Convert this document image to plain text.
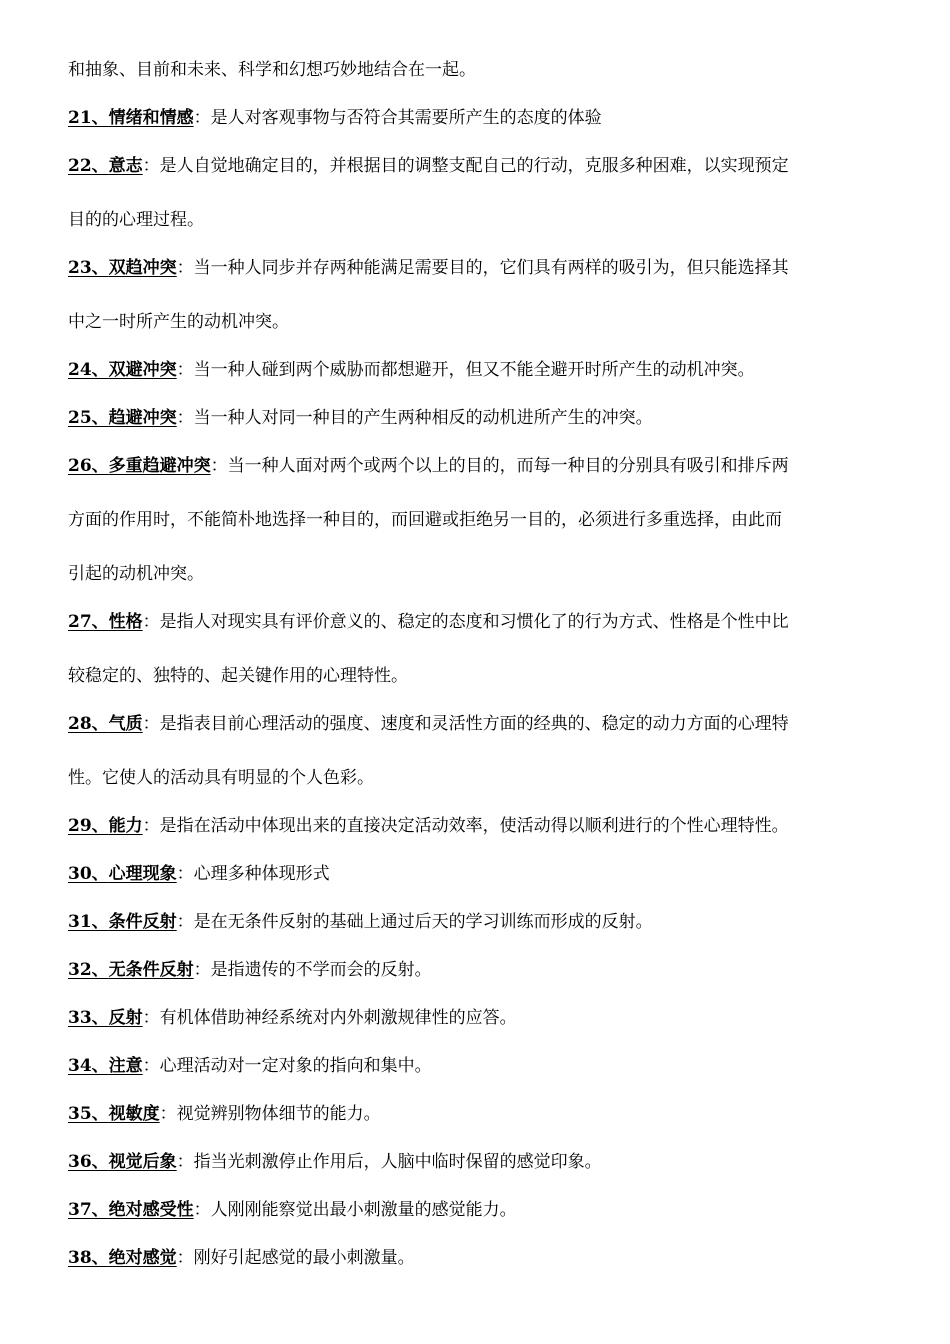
和抽象、目前和未来、科学和幻想巧妙地结合在一起。

21、情绪和情感：是人对客观事物与否符合其需要所产生的态度的体验

22、意志：是人自觉地确定目的，并根据目的调整支配自己的行动，克服多种困难，以实现预定

目的的心理过程。

23、双趋冲突：当一种人同步并存两种能满足需要目的，它们具有两样的吸引为，但只能选择其

中之一时所产生的动机冲突。

24、双避冲突：当一种人碰到两个威胁而都想避开，但又不能全避开时所产生的动机冲突。

25、趋避冲突：当一种人对同一种目的产生两种相反的动机进所产生的冲突。

26、多重趋避冲突：当一种人面对两个或两个以上的目的，而每一种目的分别具有吸引和排斥两

方面的作用时，不能简朴地选择一种目的，而回避或拒绝另一目的，必须进行多重选择，由此而

引起的动机冲突。

27、性格：是指人对现实具有评价意义的、稳定的态度和习惯化了的行为方式、性格是个性中比

较稳定的、独特的、起关键作用的心理特性。

28、气质：是指表目前心理活动的强度、速度和灵活性方面的经典的、稳定的动力方面的心理特

性。它使人的活动具有明显的个人色彩。

29、能力：是指在活动中体现出来的直接决定活动效率，使活动得以顺利进行的个性心理特性。

30、心理现象：心理多种体现形式

31、条件反射：是在无条件反射的基础上通过后天的学习训练而形成的反射。

32、无条件反射：是指遗传的不学而会的反射。

33、反射：有机体借助神经系统对内外刺激规律性的应答。

34、注意：心理活动对一定对象的指向和集中。

35、视敏度：视觉辨别物体细节的能力。

36、视觉后象：指当光刺激停止作用后，人脑中临时保留的感觉印象。

37、绝对感受性：人刚刚能察觉出最小刺激量的感觉能力。

38、绝对感觉：刚好引起感觉的最小刺激量。
